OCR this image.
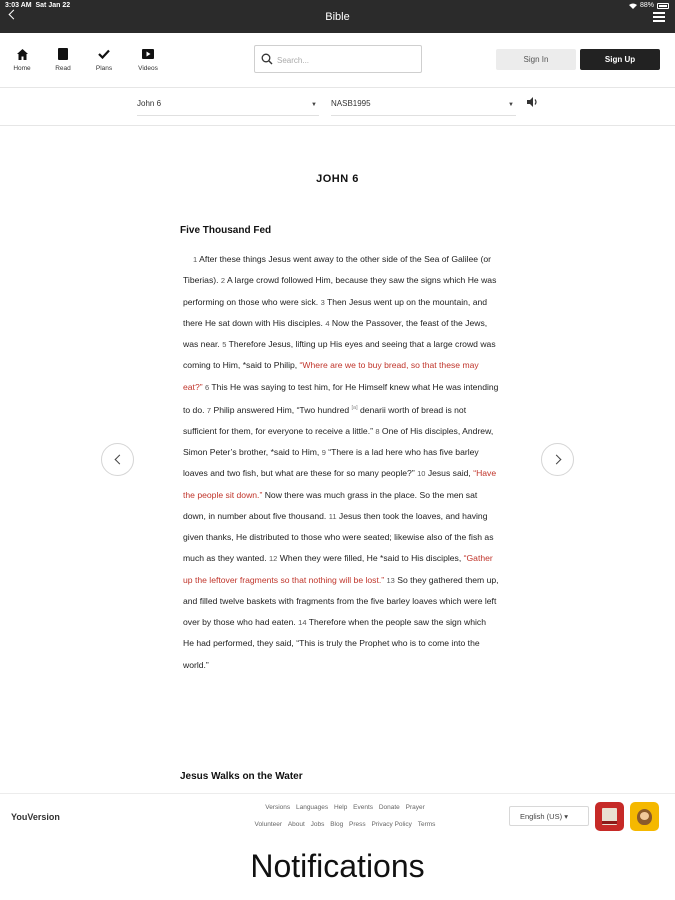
3:03 AM Sat Jan 22	88%
Bible
Home	Read	Plans	Videos
Search...
Sign In	Sign Up
John 6	▼ NASB1995	▼
JOHN 6
Five Thousand Fed

1 After these things Jesus went away to the other side of the Sea of Galilee (or Tiberias). 2 A large crowd followed Him, because they saw the signs which He was performing on those who were sick. 3 Then Jesus went up on the mountain, and there He sat down with His disciples. 4 Now the Passover, the feast of the Jews, was near. 5 Therefore Jesus, lifting up His eyes and seeing that a large crowd was coming to Him, *said to Philip, “Where are we to buy bread, so that these may eat?” 6 This He was saying to test him, for He Himself knew what He was intending to do. 7 Philip answered Him, “Two hundred [a] denarii worth of bread is not sufficient for them, for everyone to receive a little.” 8 One of His disciples, Andrew, Simon Peter’s brother, *said to Him, 9 “There is a lad here who has five barley loaves and two fish, but what are these for so many people?” 10 Jesus said, “Have the people sit down.” Now there was much grass in the place. So the men sat down, in number about five thousand. 11 Jesus then took the loaves, and having given thanks, He distributed to those who were seated; likewise also of the fish as much as they wanted. 12 When they were filled, He *said to His disciples, “Gather up the leftover fragments so that nothing will be lost.” 13 So they gathered them up, and filled twelve baskets with fragments from the five barley loaves which were left over by those who had eaten. 14 Therefore when the people saw the sign which He had performed, they said, “This is truly the Prophet who is to come into the world.”

Jesus Walks on the Water
YouVersion
Versions Languages Help Events Donate Prayer
Volunteer About Jobs Blog Press Privacy Policy Terms
English (US) ▾
Notifications
